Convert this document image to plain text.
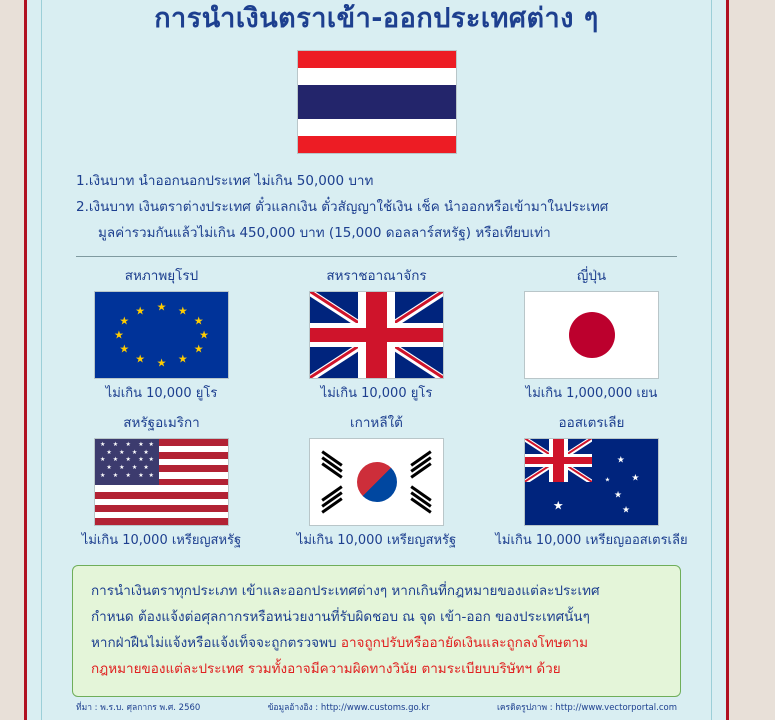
การนำเงินตราเข้า-ออกประเทศต่าง ๆ
1.เงินบาท นำออกนอกประเทศ ไม่เกิน 50,000 บาท
2.เงินบาท เงินตราต่างประเทศ ตั๋วแลกเงิน ตั๋วสัญญาใช้เงิน เช็ค นำออกหรือเข้ามาในประเทศ
มูลค่ารวมกันแล้วไม่เกิน 450,000 บาท (15,000 ดอลลาร์สหรัฐ) หรือเทียบเท่า
สหภาพยุโรป
★ ★
★
★
★
★
★
★
★
★
★
★
ไม่เกิน 10,000 ยูโร
สหราชอาณาจักร
ไม่เกิน 10,000 ยูโร
ญี่ปุ่น
ไม่เกิน 1,000,000 เยน
สหรัฐอเมริกา
★ ★ ★ ★ ★
★ ★ ★ ★
★ ★ ★ ★ ★
★ ★ ★ ★
★ ★ ★ ★ ★
ไม่เกิน 10,000 เหรียญสหรัฐ
เกาหลีใต้
ไม่เกิน 10,000 เหรียญสหรัฐ
ออสเตรเลีย
★
★
★
★
★
★
ไม่เกิน 10,000 เหรียญออสเตรเลีย
การนำเงินตราทุกประเภท เข้าและออกประเทศต่างๆ หากเกินที่กฎหมายของแต่ละประเทศ
กำหนด ต้องแจ้งต่อศุลกากรหรือหน่วยงานที่รับผิดชอบ ณ จุด เข้า-ออก ของประเทศนั้นๆ
หากฝ่าฝืนไม่แจ้งหรือแจ้งเท็จจะถูกตรวจพบ อาจถูกปรับหรืออายัดเงินและถูกลงโทษตาม
กฎหมายของแต่ละประเทศ รวมทั้งอาจมีความผิดทางวินัย ตามระเบียบบริษัทฯ ด้วย
ที่มา : พ.ร.บ. ศุลกากร พ.ศ. 2560	ข้อมูลอ้างอิง : http://www.customs.go.kr	เครดิตรูปภาพ : http://www.vectorportal.com
